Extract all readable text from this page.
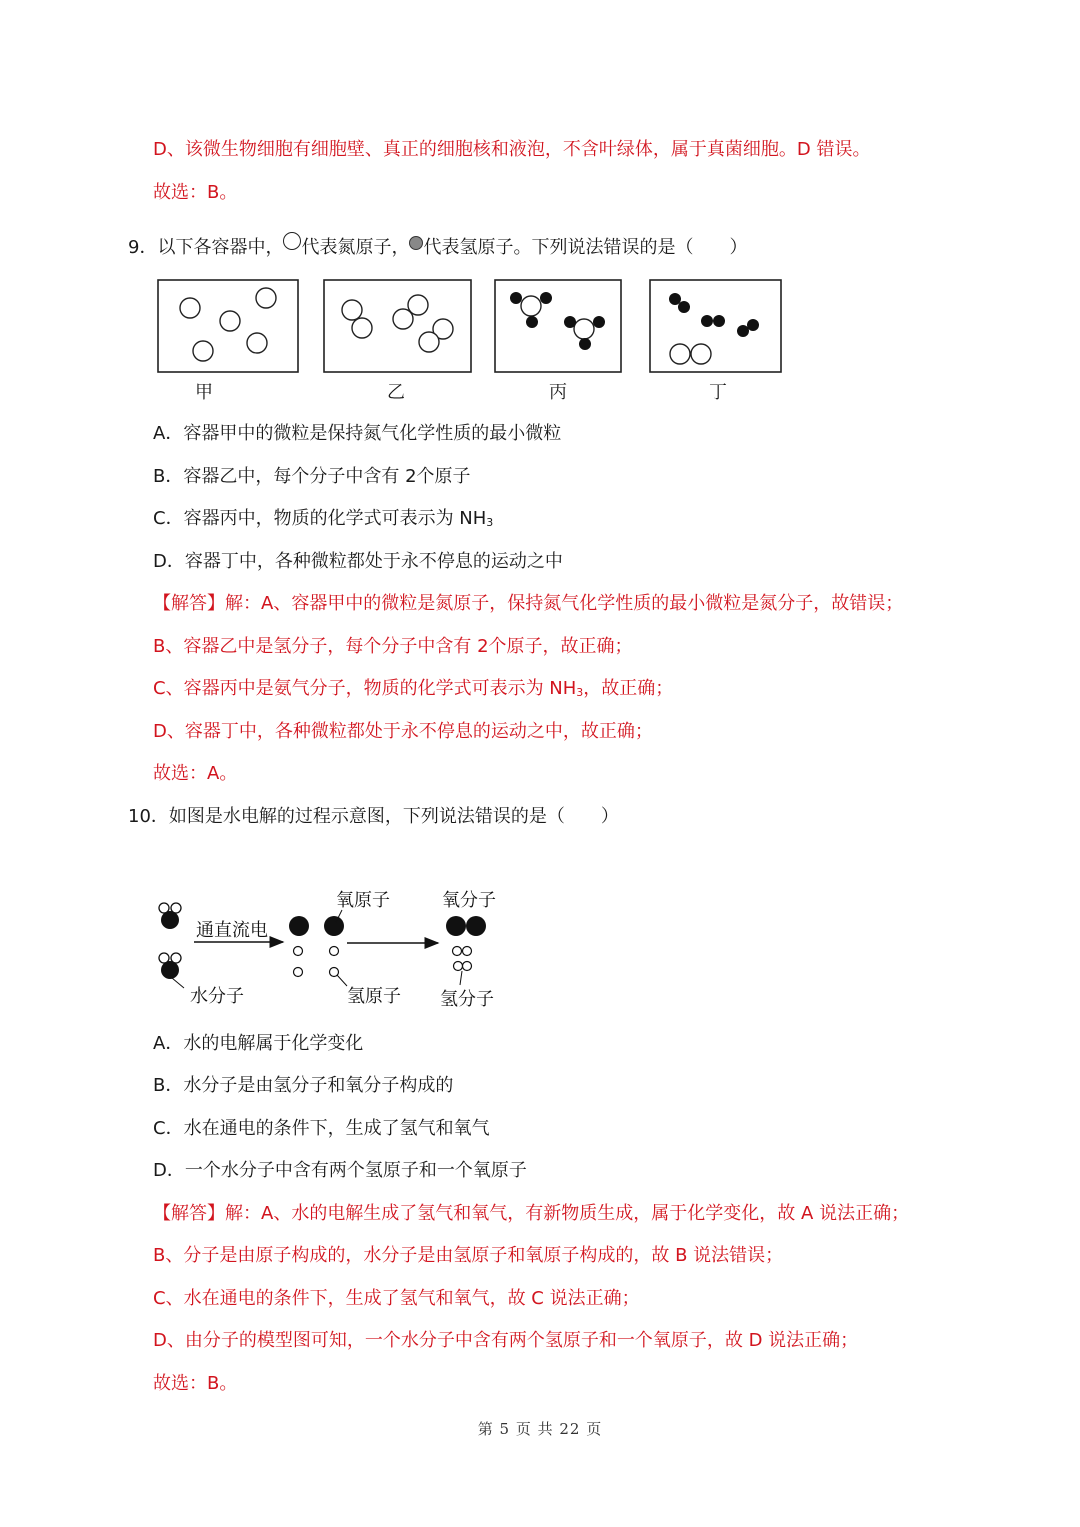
D、该微生物细胞有细胞壁、真正的细胞核和液泡，不含叶绿体，属于真菌细胞。D 错误。
故选：B。
9．以下各容器中， 代表氮原子， 代表氢原子。下列说法错误的是（　　）
甲	乙	丙	丁
A．容器甲中的微粒是保持氮气化学性质的最小微粒
B．容器乙中，每个分子中含有 2个原子
C．容器丙中，物质的化学式可表示为 NH3
D．容器丁中，各种微粒都处于永不停息的运动之中
【解答】解：A、容器甲中的微粒是氮原子，保持氮气化学性质的最小微粒是氮分子，故错误；
B、容器乙中是氢分子，每个分子中含有 2个原子，故正确；
C、容器丙中是氨气分子，物质的化学式可表示为 NH3，故正确；
D、容器丁中，各种微粒都处于永不停息的运动之中，故正确；
故选：A。
10．如图是水电解的过程示意图，下列说法错误的是（　　）
通直流电
氧原子
氢原子
氧分子
氢分子
水分子
A．水的电解属于化学变化
B．水分子是由氢分子和氧分子构成的
C．水在通电的条件下，生成了氢气和氧气
D．一个水分子中含有两个氢原子和一个氧原子
【解答】解：A、水的电解生成了氢气和氧气，有新物质生成，属于化学变化，故 A 说法正确；
B、分子是由原子构成的，水分子是由氢原子和氧原子构成的，故 B 说法错误；
C、水在通电的条件下，生成了氢气和氧气，故 C 说法正确；
D、由分子的模型图可知，一个水分子中含有两个氢原子和一个氧原子，故 D 说法正确；
故选：B。
第 5 页 共 22 页
